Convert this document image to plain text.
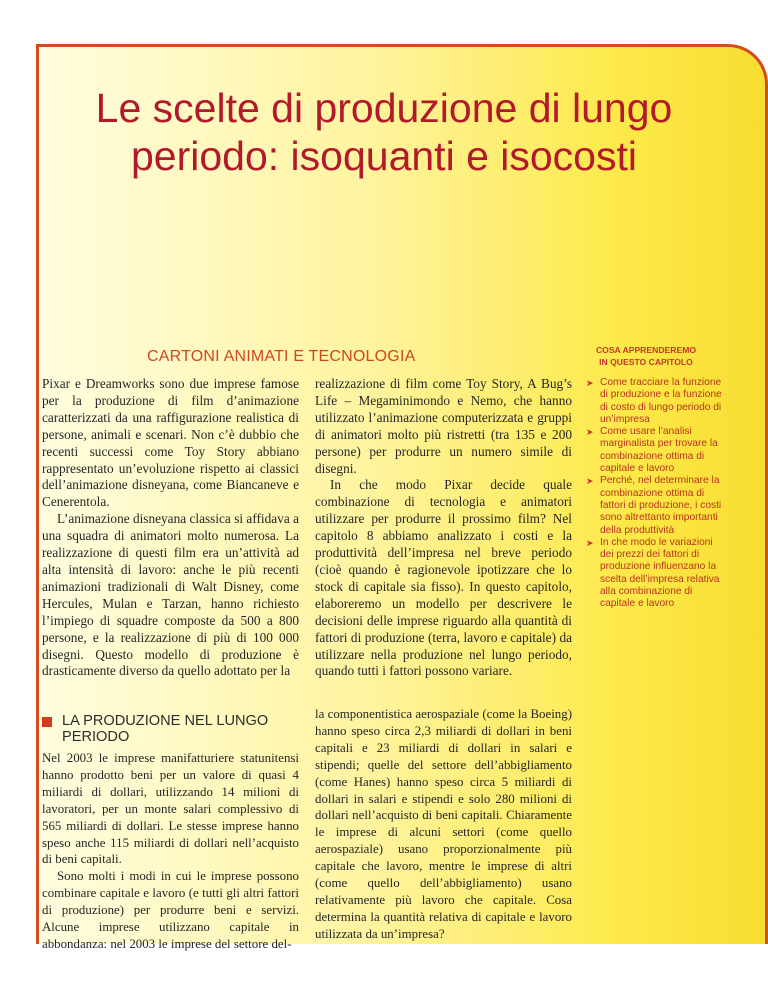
Le scelte di produzione di lungo
periodo: isoquanti e isocosti
CARTONI ANIMATI E TECNOLOGIA

Pixar e Dreamworks sono due imprese famose per la produzione di film d’animazione caratterizzati da una raffigurazione realistica di persone, animali e scenari. Non c’è dubbio che recenti successi come Toy Story abbiano rappresentato un’evoluzione rispetto ai classici dell’animazione disneyana, come Biancaneve e Cenerentola.

L’animazione disneyana classica si affidava a una squadra di animatori molto numerosa. La realizzazione di questi film era un’attività ad alta intensità di lavoro: anche le più recenti animazioni tradizionali di Walt Disney, come Hercules, Mulan e Tarzan, hanno richiesto l’impiego di squadre composte da 500 a 800 persone, e la realizzazione di più di 100 000 disegni. Questo modello di produzione è drasticamente diverso da quello adottato per la

realizzazione di film come Toy Story, A Bug’s Life – Megaminimondo e Nemo, che hanno utilizzato l’animazione computerizzata e gruppi di animatori molto più ristretti (tra 135 e 200 persone) per produrre un numero simile di disegni.

In che modo Pixar decide quale combinazione di tecnologia e animatori utilizzare per produrre il prossimo film? Nel capitolo 8 abbiamo analizzato i costi e la produttività dell’impresa nel breve periodo (cioè quando è ragionevole ipotizzare che lo stock di capitale sia fisso). In questo capitolo, elaboreremo un modello per descrivere le decisioni delle imprese riguardo alla quantità di fattori di produzione (terra, lavoro e capitale) da utilizzare nella produzione nel lungo periodo, quando tutti i fattori possono variare.

COSA APPRENDEREMO
IN QUESTO CAPITOLO
➤ Come tracciare la funzione di produzione e la funzione di costo di lungo periodo di un’impresa
➤ Come usare l’analisi marginalista per trovare la combinazione ottima di capitale e lavoro
➤ Perché, nel determinare la combinazione ottima di fattori di produzione, i costi sono altrettanto importanti della produttività
➤ In che modo le variazioni dei prezzi dei fattori di produzione influenzano la scelta dell’impresa relativa alla combinazione di capitale e lavoro
LA PRODUZIONE NEL LUNGO
PERIODO

Nel 2003 le imprese manifatturiere statunitensi hanno prodotto beni per un valore di quasi 4 miliardi di dollari, utilizzando 14 milioni di lavoratori, per un monte salari complessivo di 565 miliardi di dollari. Le stesse imprese hanno speso anche 115 miliardi di dollari nell’acquisto di beni capitali.

Sono molti i modi in cui le imprese possono combinare capitale e lavoro (e tutti gli altri fattori di produzione) per produrre beni e servizi. Alcune imprese utilizzano capitale in abbondanza: nel 2003 le imprese del settore del-

la componentistica aerospaziale (come la Boeing) hanno speso circa 2,3 miliardi di dollari in beni capitali e 23 miliardi di dollari in salari e stipendi; quelle del settore dell’abbigliamento (come Hanes) hanno speso circa 5 miliardi di dollari in salari e stipendi e solo 280 milioni di dollari nell’acquisto di beni capitali. Chiaramente le imprese di alcuni settori (come quello aerospaziale) usano proporzionalmente più capitale che lavoro, mentre le imprese di altri (come quello dell’abbigliamento) usano relativamente più lavoro che capitale. Cosa determina la quantità relativa di capitale e lavoro utilizzata da un’impresa?
